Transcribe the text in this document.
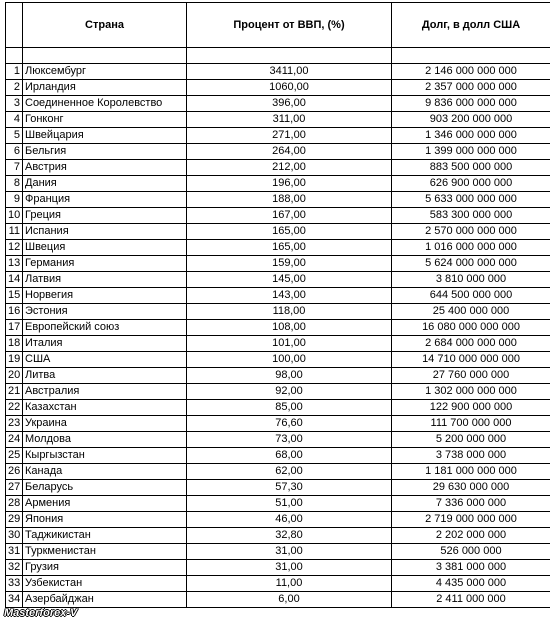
	Страна	Процент от ВВП, (%)	Долг, в долл США

1	Люксембург	3411,00	2 146 000 000 000
2	Ирландия	1060,00	2 357 000 000 000
3	Соединенное Королевство	396,00	9 836 000 000 000
4	Гонконг	311,00	903 200 000 000
5	Швейцария	271,00	1 346 000 000 000
6	Бельгия	264,00	1 399 000 000 000
7	Австрия	212,00	883 500 000 000
8	Дания	196,00	626 900 000 000
9	Франция	188,00	5 633 000 000 000
10	Греция	167,00	583 300 000 000
11	Испания	165,00	2 570 000 000 000
12	Швеция	165,00	1 016 000 000 000
13	Германия	159,00	5 624 000 000 000
14	Латвия	145,00	3 810 000 000
15	Норвегия	143,00	644 500 000 000
16	Эстония	118,00	25 400 000 000
17	Европейский союз	108,00	16 080 000 000 000
18	Италия	101,00	2 684 000 000 000
19	США	100,00	14 710 000 000 000
20	Литва	98,00	27 760 000 000
21	Австралия	92,00	1 302 000 000 000
22	Казахстан	85,00	122 900 000 000
23	Украина	76,60	111 700 000 000
24	Молдова	73,00	5 200 000 000
25	Кыргызстан	68,00	3 738 000 000
26	Канада	62,00	1 181 000 000 000
27	Беларусь	57,30	29 630 000 000
28	Армения	51,00	7 336 000 000
29	Япония	46,00	2 719 000 000 000
30	Таджикистан	32,80	2 202 000 000
31	Туркменистан	31,00	526 000 000
32	Грузия	31,00	3 381 000 000
33	Узбекистан	11,00	4 435 000 000
34	Азербайджан	6,00	2 411 000 000
Masterforex-V
